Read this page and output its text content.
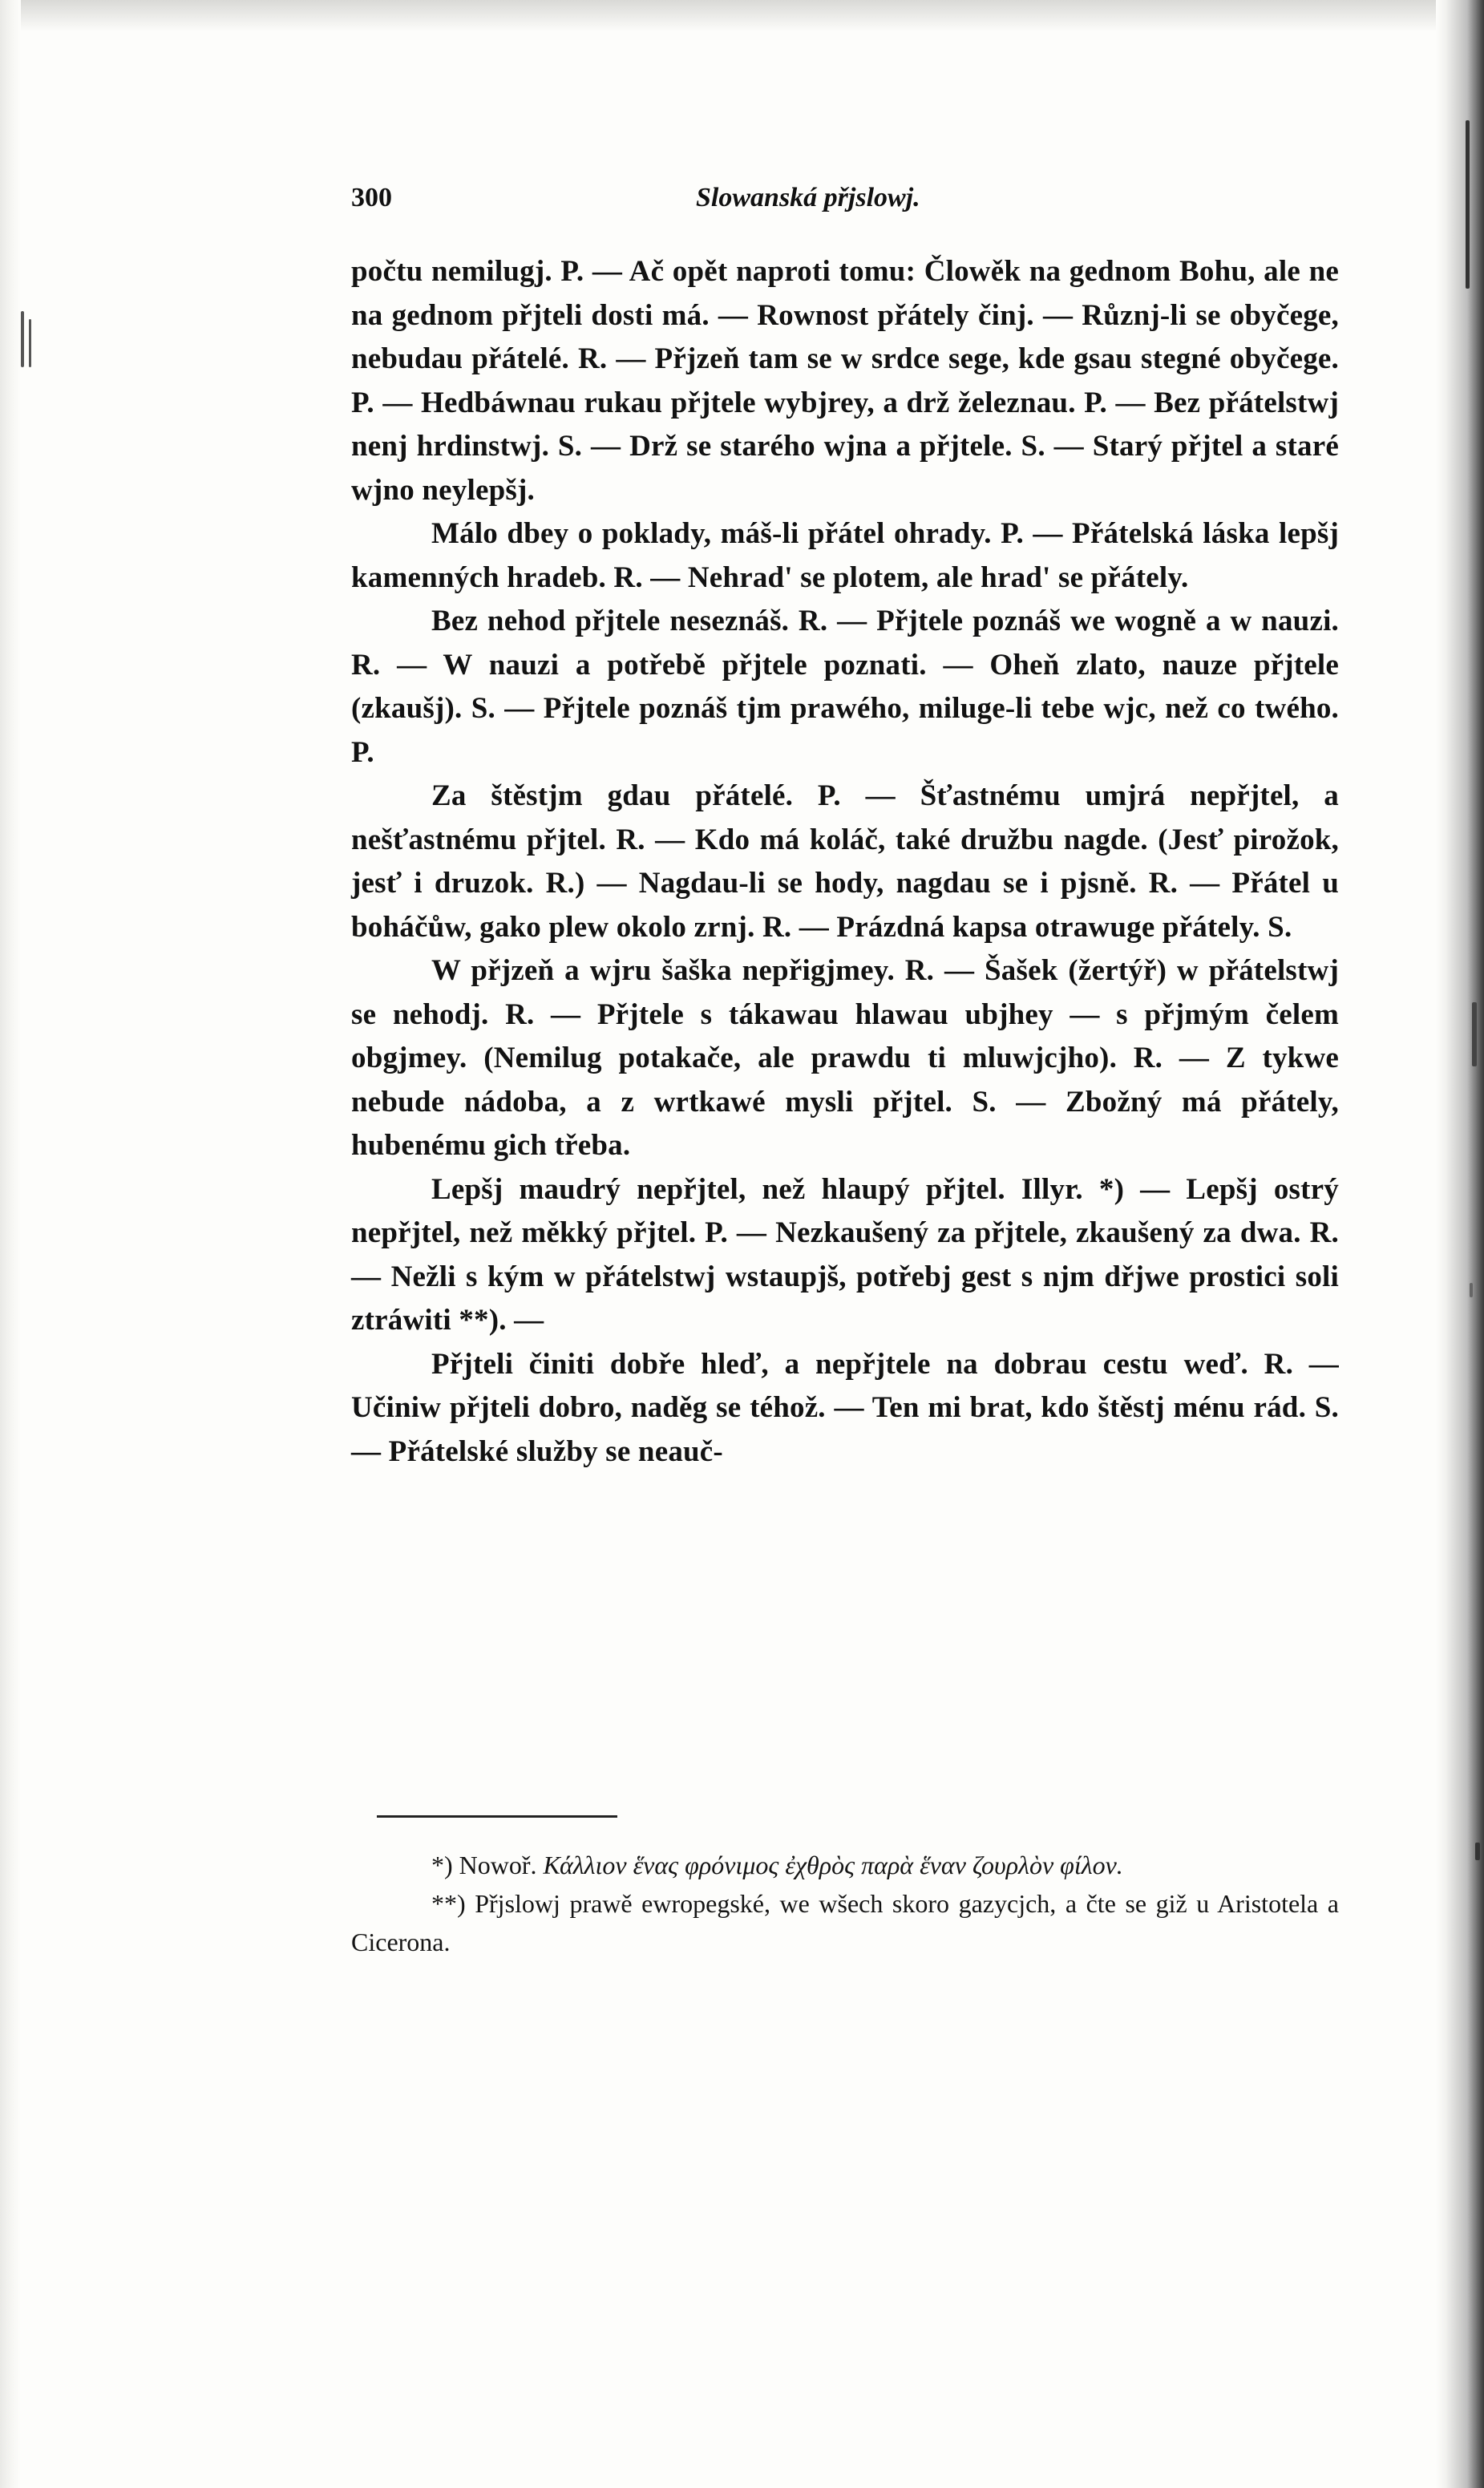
300	Slowanská přjslowj.

počtu nemilugj. P. — Ač opět naproti tomu: Člowěk na gednom Bohu, ale ne na gednom přjteli dosti má. — Rownost přátely činj. — Různj-li se obyčege, nebudau přátelé. R. — Přjzeň tam se w srdce sege, kde gsau stegné obyčege. P. — Hedbáwnau rukau přjtele wybjrey, a drž železnau. P. — Bez přátelstwj nenj hrdinstwj. S. — Drž se starého wjna a přjtele. S. — Starý přjtel a staré wjno neylepšj.

Málo dbey o poklady, máš-li přátel ohrady. P. — Přátelská láska lepšj kamenných hradeb. R. — Nehrad' se plotem, ale hrad' se přátely.

Bez nehod přjtele neseznáš. R. — Přjtele poznáš we wogně a w nauzi. R. — W nauzi a potřebě přjtele poznati. — Oheň zlato, nauze přjtele (zkaušj). S. — Přjtele poznáš tjm prawého, miluge-li tebe wjc, než co twého. P.

Za štěstjm gdau přátelé. P. — Šťastnému umjrá nepřjtel, a nešťastnému přjtel. R. — Kdo má koláč, také družbu nagde. (Jesť pirožok, jesť i druzok. R.) — Nagdau-li se hody, nagdau se i pjsně. R. — Přátel u boháčůw, gako plew okolo zrnj. R. — Prázdná kapsa otrawuge přátely. S.

W přjzeň a wjru šaška nepřigjmey. R. — Šašek (žertýř) w přátelstwj se nehodj. R. — Přjtele s tákawau hlawau ubjhey — s přjmým čelem obgjmey. (Nemilug potakače, ale prawdu ti mluwjcjho). R. — Z tykwe nebude nádoba, a z wrtkawé mysli přjtel. S. — Zbožný má přátely, hubenému gich třeba.

Lepšj maudrý nepřjtel, než hlaupý přjtel. Illyr. *) — Lepšj ostrý nepřjtel, než měkký přjtel. P. — Nezkaušený za přjtele, zkaušený za dwa. R. — Nežli s kým w přátelstwj wstaupjš, potřebj gest s njm dřjwe prostici soli ztráwiti **). —

Přjteli činiti dobře hleď, a nepřjtele na dobrau cestu weď. R. — Učiniw přjteli dobro, naděg se téhož. — Ten mi brat, kdo štěstj ménu rád. S. — Přátelské služby se neauč-

*) Nowoř. Κάλλιον ἕνας φρόνιμος ἐχθρὸς παρὰ ἕναν ζουρλὸν φίλον.

**) Přjslowj prawě ewropegské, we wšech skoro gazycjch, a čte se giž u Aristotela a Cicerona.
